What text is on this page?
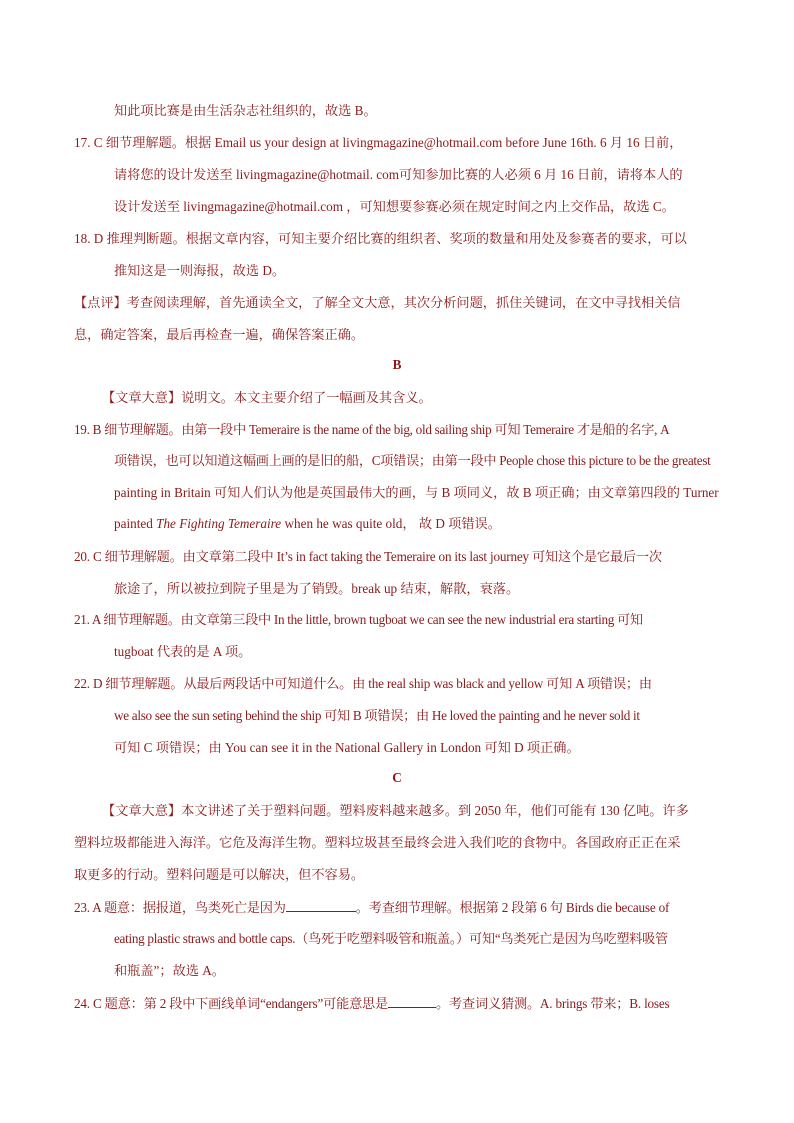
知此项比赛是由生活杂志社组织的，故选 B。
17. C 细节理解题。根据 Email us your design at livingmagazine@hotmail.com before June 16th. 6 月 16 日前，
请将您的设计发送至 livingmagazine@hotmail. com可知参加比赛的人必须 6 月 16 日前，请将本人的
设计发送至 livingmagazine@hotmail.com ，可知想要参赛必须在规定时间之内上交作品，故选 C。
18. D 推理判断题。根据文章内容，可知主要介绍比赛的组织者、奖项的数量和用处及参赛者的要求，可以
推知这是一则海报，故选 D。
【点评】考查阅读理解，首先通读全文，了解全文大意，其次分析问题，抓住关键词，在文中寻找相关信
息，确定答案，最后再检查一遍，确保答案正确。
B
【文章大意】说明文。本文主要介绍了一幅画及其含义。
19. B 细节理解题。由第一段中 Temeraire is the name of the big, old sailing ship 可知 Temeraire 才是船的名字, A
项错误，也可以知道这幅画上画的是旧的船，C项错误；由第一段中 People chose this picture to be the greatest
painting in Britain 可知人们认为他是英国最伟大的画，与 B 项同义，故 B 项正确；由文章第四段的 Turner
painted The Fighting Temeraire when he was quite old， 故 D 项错误。
20. C 细节理解题。由文章第二段中 It’s in fact taking the Temeraire on its last journey 可知这个是它最后一次
旅途了，所以被拉到院子里是为了销毁。break up 结束，解散，衰落。
21. A 细节理解题。由文章第三段中 In the little, brown tugboat we can see the new industrial era starting 可知
tugboat 代表的是 A 项。
22. D 细节理解题。从最后两段话中可知道什么。由 the real ship was black and yellow 可知 A 项错误；由
we also see the sun seting behind the ship 可知 B 项错误；由 He loved the painting and he never sold it
可知 C 项错误；由 You can see it in the National Gallery in London 可知 D 项正确。
C
【文章大意】本文讲述了关于塑料问题。塑料废料越来越多。到 2050 年，他们可能有 130 亿吨。许多
塑料垃圾都能进入海洋。它危及海洋生物。塑料垃圾甚至最终会进入我们吃的食物中。各国政府正正在采
取更多的行动。塑料问题是可以解决，但不容易。
23. A 题意：据报道，鸟类死亡是因为	。考查细节理解。根据第 2 段第 6 句 Birds die because of
eating plastic straws and bottle caps.（鸟死于吃塑料吸管和瓶盖。）可知“鸟类死亡是因为鸟吃塑料吸管
和瓶盖”；故选 A。
24. C 题意：第 2 段中下画线单词“endangers”可能意思是	。考查词义猜测。A. brings 带来；B. loses
